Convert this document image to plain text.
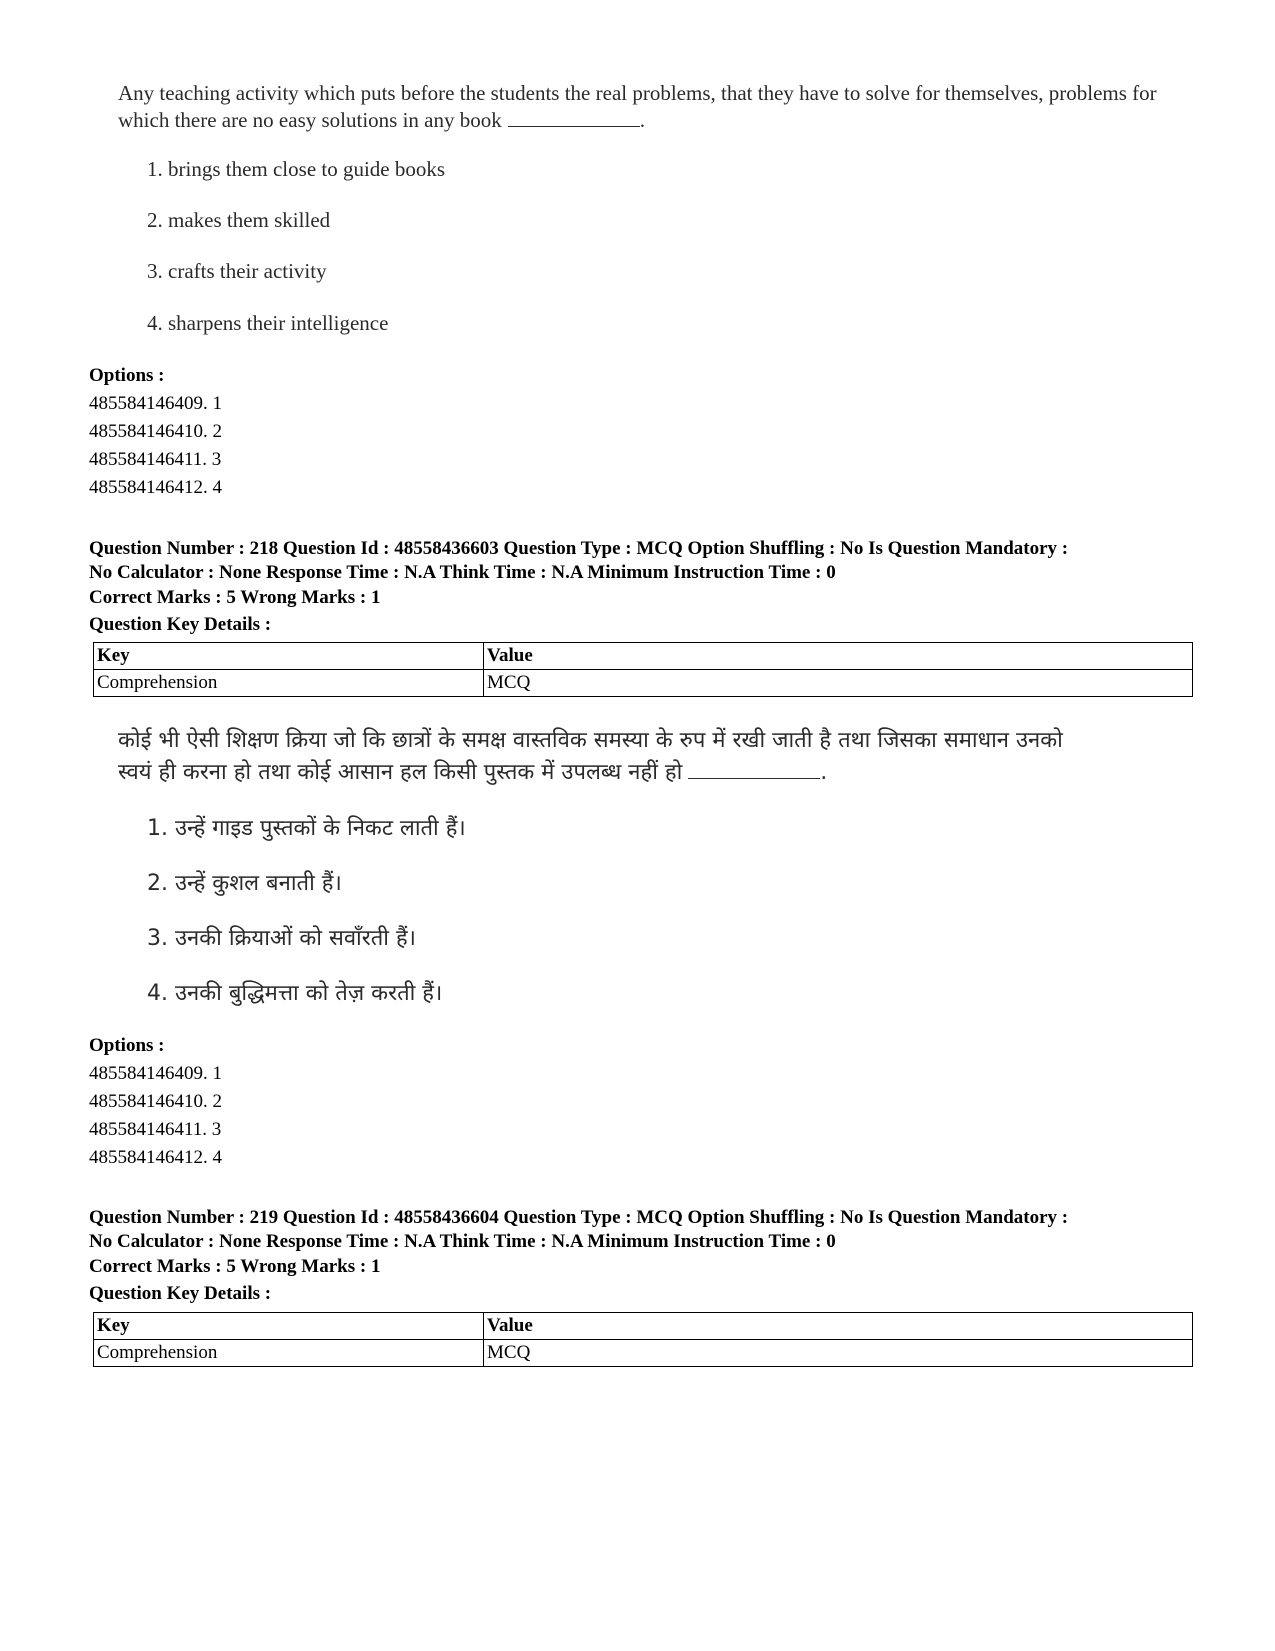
Any teaching activity which puts before the students the real problems, that they have to solve for themselves, problems for which there are no easy solutions in any book	.
1. brings them close to guide books
2. makes them skilled
3. crafts their activity
4. sharpens their intelligence
Options :
485584146409. 1
485584146410. 2
485584146411. 3
485584146412. 4
Question Number : 218 Question Id : 48558436603 Question Type : MCQ Option Shuffling : No Is Question Mandatory :
No Calculator : None Response Time : N.A Think Time : N.A Minimum Instruction Time : 0
Correct Marks : 5 Wrong Marks : 1
Question Key Details :
Key	Value
Comprehension	MCQ
कोई भी ऐसी शिक्षण क्रिया जो कि छात्रों के समक्ष वास्तविक समस्या के रुप में रखी जाती है तथा जिसका समाधान उनको
स्वयं ही करना हो तथा कोई आसान हल किसी पुस्तक में उपलब्ध नहीं हो	.
1. उन्हें गाइड पुस्तकों के निकट लाती हैं।
2. उन्हें कुशल बनाती हैं।
3. उनकी क्रियाओं को सवाँरती हैं।
4. उनकी बुद्धिमत्ता को तेज़ करती हैं।
Options :
485584146409. 1
485584146410. 2
485584146411. 3
485584146412. 4
Question Number : 219 Question Id : 48558436604 Question Type : MCQ Option Shuffling : No Is Question Mandatory :
No Calculator : None Response Time : N.A Think Time : N.A Minimum Instruction Time : 0
Correct Marks : 5 Wrong Marks : 1
Question Key Details :
Key	Value
Comprehension	MCQ
